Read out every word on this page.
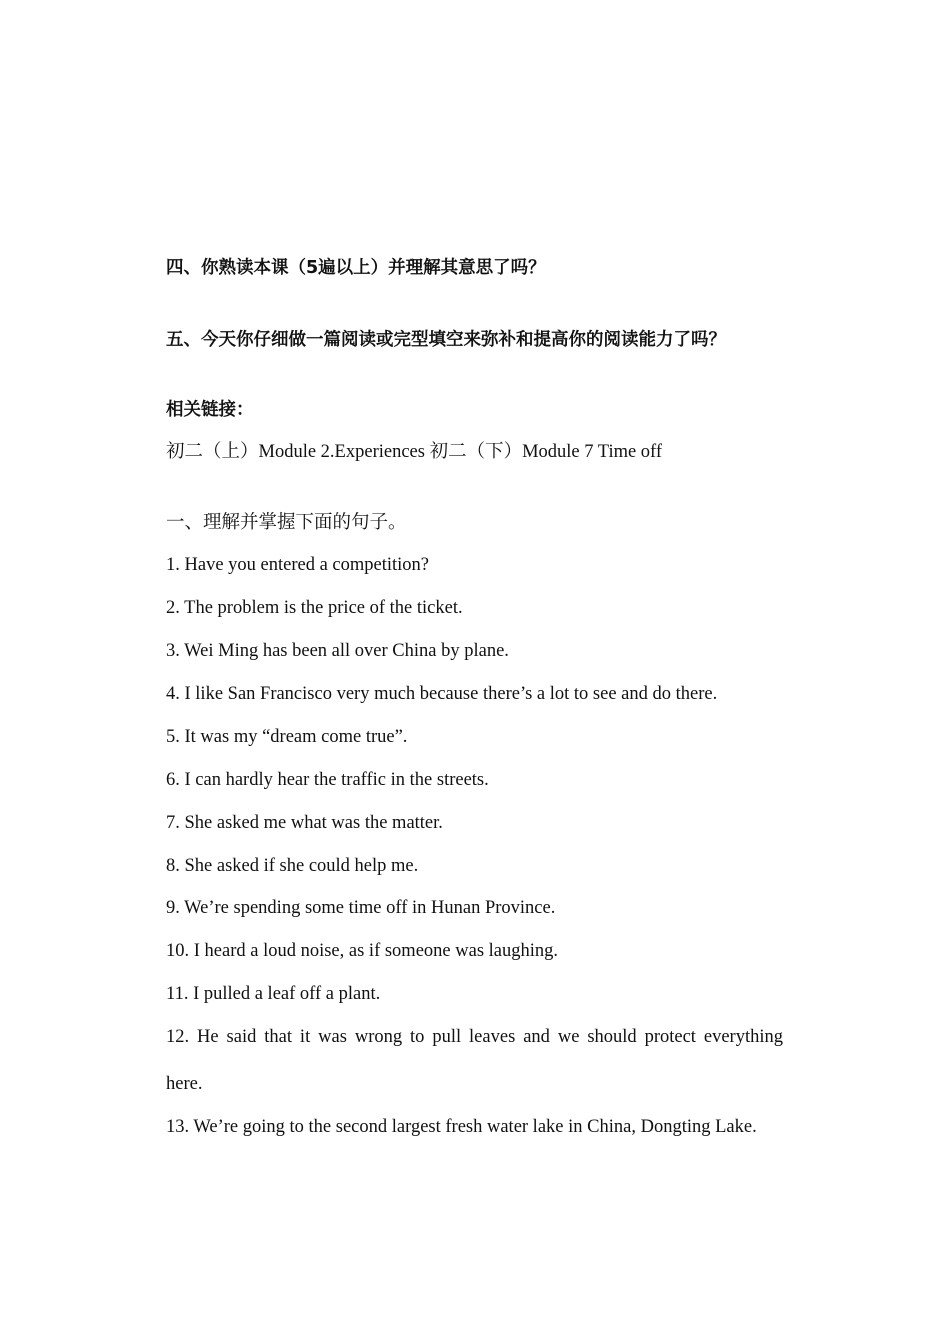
四、你熟读本课（5遍以上）并理解其意思了吗？
五、今天你仔细做一篇阅读或完型填空来弥补和提高你的阅读能力了吗？
相关链接：
初二（上）Module 2.Experiences 初二（下）Module 7 Time off
一、理解并掌握下面的句子。
1. Have you entered a competition?
2. The problem is the price of the ticket.
3. Wei Ming has been all over China by plane.
4. I like San Francisco very much because there’s a lot to see and do there.
5. It was my “dream come true”.
6. I can hardly hear the traffic in the streets.
7. She asked me what was the matter.
8. She asked if she could help me.
9. We’re spending some time off in Hunan Province.
10. I heard a loud noise, as if someone was laughing.
11. I pulled a leaf off a plant.
12. He said that it was wrong to pull leaves and we should protect everything
here.
13. We’re going to the second largest fresh water lake in China, Dongting Lake.
